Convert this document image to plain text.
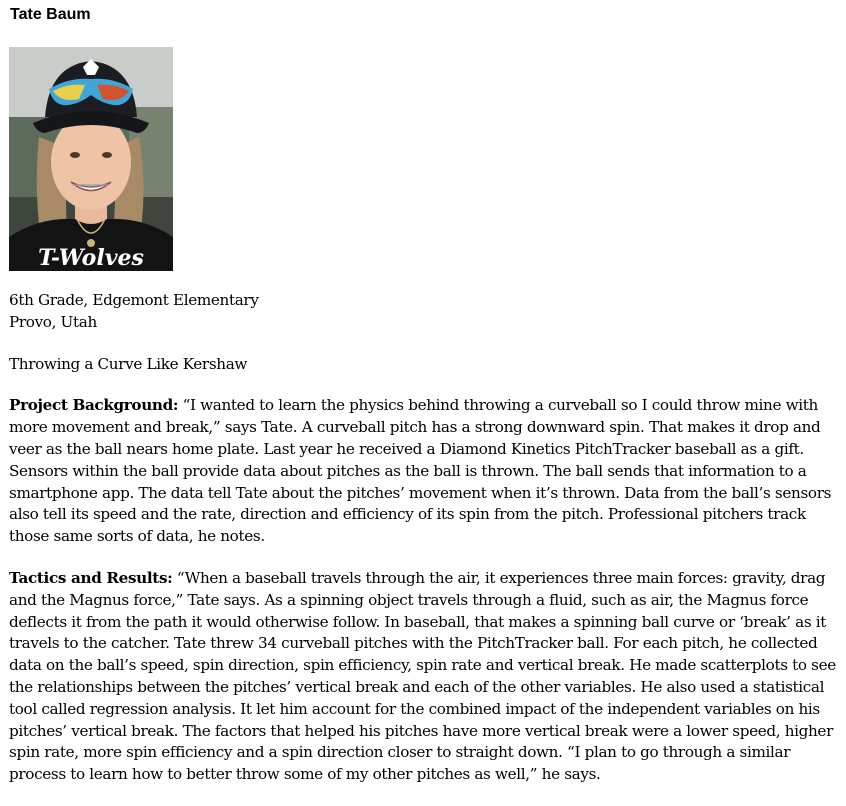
Tate Baum
T-Wolves

6th Grade, Edgemont Elementary

Provo, Utah

Throwing a Curve Like Kershaw

Project Background: “I wanted to learn the physics behind throwing a curveball so I could throw mine with more movement and break,” says Tate. A curveball pitch has a strong downward spin. That makes it drop and veer as the ball nears home plate. Last year he received a Diamond Kinetics PitchTracker baseball as a gift. Sensors within the ball provide data about pitches as the ball is thrown. The ball sends that information to a smartphone app. The data tell Tate about the pitches’ movement when it’s thrown. Data from the ball’s sensors also tell its speed and the rate, direction and efficiency of its spin from the pitch. Professional pitchers track those same sorts of data, he notes.

Tactics and Results: “When a baseball travels through the air, it experiences three main forces: gravity, drag and the Magnus force,” Tate says. As a spinning object travels through a fluid, such as air, the Magnus force deflects it from the path it would otherwise follow. In baseball, that makes a spinning ball curve or ‘break’ as it travels to the catcher. Tate threw 34 curveball pitches with the PitchTracker ball. For each pitch, he collected data on the ball’s speed, spin direction, spin efficiency, spin rate and vertical break. He made scatterplots to see the relationships between the pitches’ vertical break and each of the other variables. He also used a statistical tool called regression analysis. It let him account for the combined impact of the independent variables on his pitches’ vertical break. The factors that helped his pitches have more vertical break were a lower speed, higher spin rate, more spin efficiency and a spin direction closer to straight down. “I plan to go through a similar process to learn how to better throw some of my other pitches as well,” he says.
